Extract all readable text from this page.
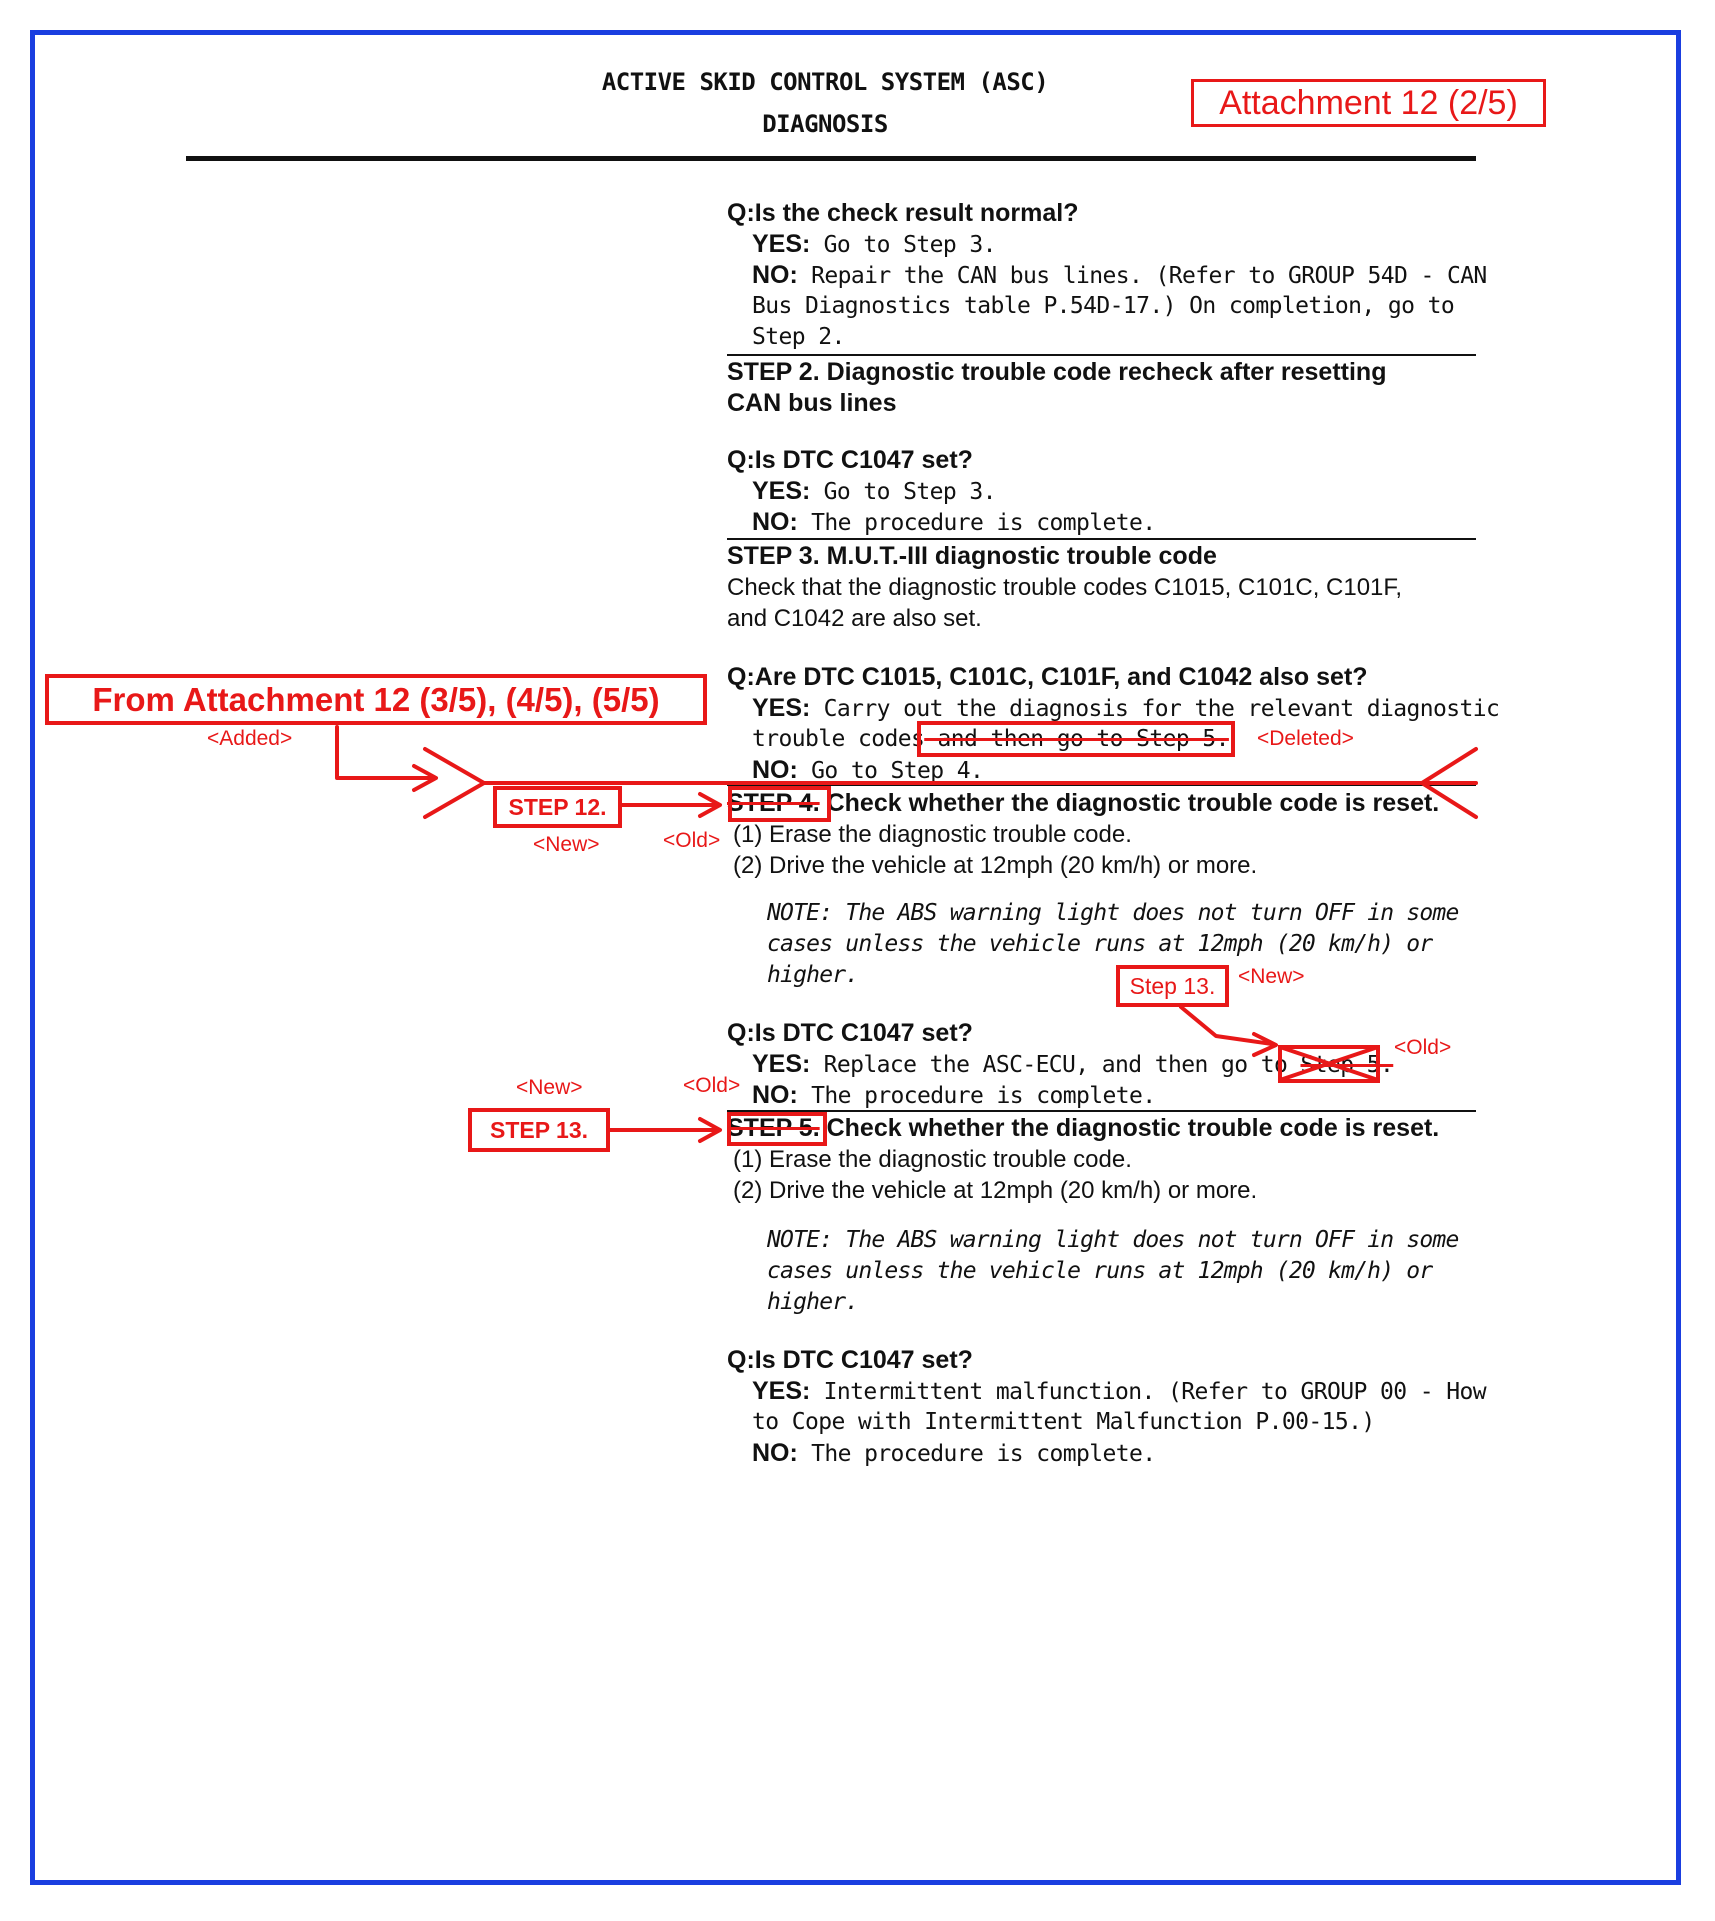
ACTIVE SKID CONTROL SYSTEM (ASC)
DIAGNOSIS
Attachment 12 (2/5)
Q:Is the check result normal?
YES: Go to Step 3.
NO: Repair the CAN bus lines. (Refer to GROUP 54D - CAN
Bus Diagnostics table P.54D-17.) On completion, go to
Step 2.
STEP 2. Diagnostic trouble code recheck after resetting
CAN bus lines
Q:Is DTC C1047 set?
YES: Go to Step 3.
NO: The procedure is complete.
STEP 3. M.U.T.-III diagnostic trouble code
Check that the diagnostic trouble codes C1015, C101C, C101F,
and C1042 are also set.
Q:Are DTC C1015, C101C, C101F, and C1042 also set?
YES: Carry out the diagnosis for the relevant diagnostic
trouble codes and then go to Step 5.
NO: Go to Step 4.
STEP 4. Check whether the diagnostic trouble code is reset.
(1) Erase the diagnostic trouble code.
(2) Drive the vehicle at 12mph (20 km/h) or more.
NOTE: The ABS warning light does not turn OFF in some
cases unless the vehicle runs at 12mph (20 km/h) or
higher.
Q:Is DTC C1047 set?
YES: Replace the ASC-ECU, and then go to Step 5.
NO: The procedure is complete.
STEP 5. Check whether the diagnostic trouble code is reset.
(1) Erase the diagnostic trouble code.
(2) Drive the vehicle at 12mph (20 km/h) or more.
NOTE: The ABS warning light does not turn OFF in some
cases unless the vehicle runs at 12mph (20 km/h) or
higher.
Q:Is DTC C1047 set?
YES: Intermittent malfunction. (Refer to GROUP 00 - How
to Cope with Intermittent Malfunction P.00-15.)
NO: The procedure is complete.
From Attachment 12 (3/5), (4/5), (5/5)
STEP 12.
Step 13.
STEP 13.
<Added>	<Deleted>
<New>	<Old>
<New>
<Old>
<New>	<Old>
